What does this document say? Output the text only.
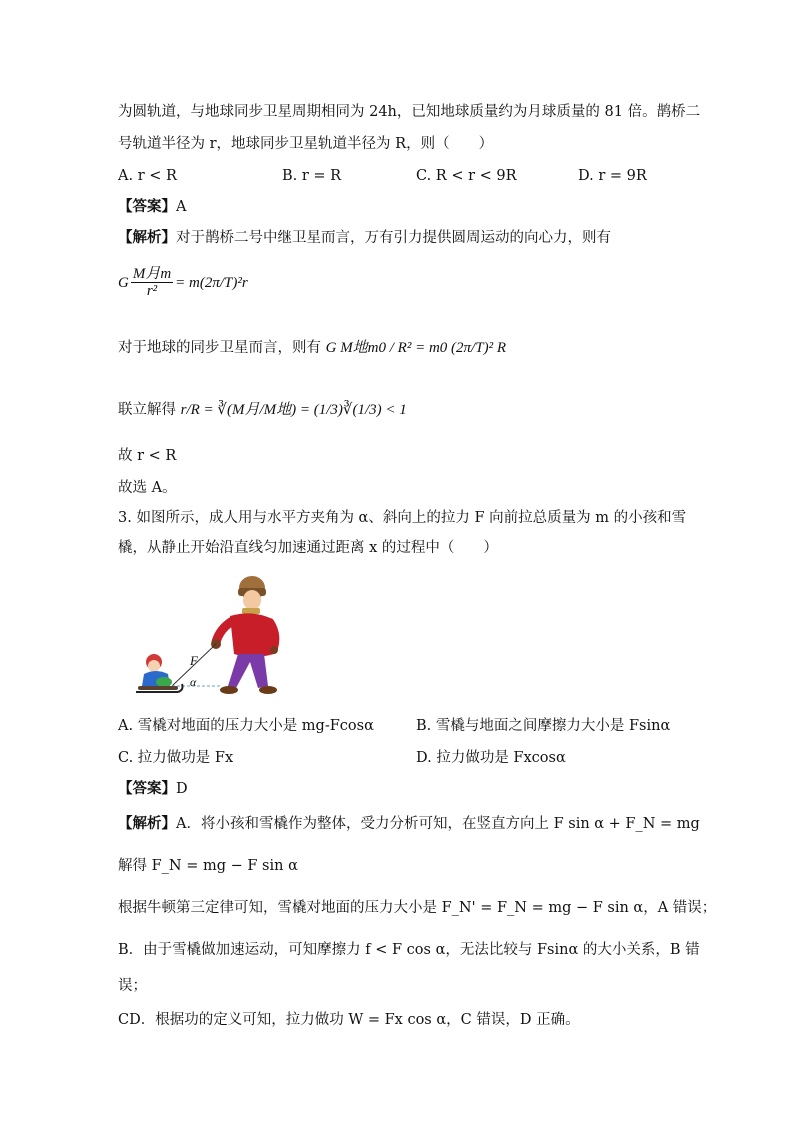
为圆轨道，与地球同步卫星周期相同为 24h，已知地球质量约为月球质量的 81 倍。鹊桥二
号轨道半径为 r，地球同步卫星轨道半径为 R，则（　　）
A. r < R	B. r = R	C. R < r < 9R	D. r = 9R
【答案】A
【解析】对于鹊桥二号中继卫星而言，万有引力提供圆周运动的向心力，则有
G $\frac{\text{M月m}}{\text{r²}} = m(2\pi/T)^2r$
对于地球的同步卫星而言，则有 G M地m0 / R² = m0 (2π/T)² R
联立解得 r/R = ∛(M月/M地) = (1/3)∛(1/3) < 1
故 r < R
故选 A。
3. 如图所示，成人用与水平方夹角为 α、斜向上的拉力 F 向前拉总质量为 m 的小孩和雪
橇，从静止开始沿直线匀加速通过距离 x 的过程中（　　）
F
α
A. 雪橇对地面的压力大小是 mg-Fcosα	B. 雪橇与地面之间摩擦力大小是 Fsinα
C. 拉力做功是 Fx	D. 拉力做功是 Fxcosα
【答案】D
【解析】A．将小孩和雪橇作为整体，受力分析可知，在竖直方向上 F sin α + F_N = mg
解得 F_N = mg − F sin α
根据牛顿第三定律可知，雪橇对地面的压力大小是 F_N' = F_N = mg − F sin α，A 错误；
B．由于雪橇做加速运动，可知摩擦力 f < F cos α，无法比较与 Fsinα 的大小关系，B 错
误；
CD．根据功的定义可知，拉力做功 W = Fx cos α，C 错误，D 正确。
